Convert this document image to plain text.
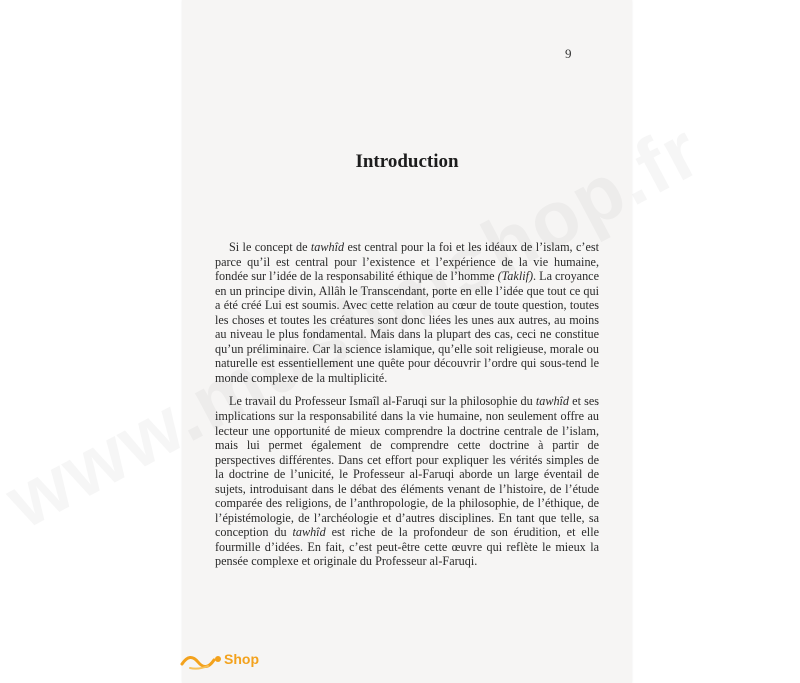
9
Introduction

Si le concept de tawhîd est central pour la foi et les idéaux de l’islam, c’est parce qu’il est central pour l’existence et l’expérience de la vie humaine, fondée sur l’idée de la responsabilité éthique de l’homme (Taklif). La croyance en un principe divin, Allâh le Transcendant, porte en elle l’idée que tout ce qui a été créé Lui est soumis. Avec cette relation au cœur de toute question, toutes les choses et toutes les créatures sont donc liées les unes aux autres, au moins au niveau le plus fondamental. Mais dans la plupart des cas, ceci ne constitue qu’un préliminaire. Car la science islamique, qu’elle soit religieuse, morale ou naturelle est essentiellement une quête pour découvrir l’ordre qui sous-tend le monde complexe de la multiplicité.

Le travail du Professeur Ismaîl al-Faruqi sur la philosophie du tawhîd et ses implications sur la responsabilité dans la vie humaine, non seulement offre au lecteur une opportunité de mieux comprendre la doctrine centrale de l’islam, mais lui permet également de comprendre cette doctrine à partir de perspectives différentes. Dans cet effort pour expliquer les vérités simples de la doctrine de l’unicité, le Professeur al-Faruqi aborde un large éventail de sujets, introduisant dans le débat des éléments venant de l’histoire, de l’étude comparée des religions, de l’anthropologie, de la philosophie, de l’éthique, de l’épistémologie, de l’archéologie et d’autres disciplines. En tant que telle, sa conception du tawhîd est riche de la profondeur de son érudition, et elle fourmille d’idées. En fait, c’est peut-être cette œuvre qui reflète le mieux la pensée complexe et originale du Professeur al-Faruqi.

Shop
